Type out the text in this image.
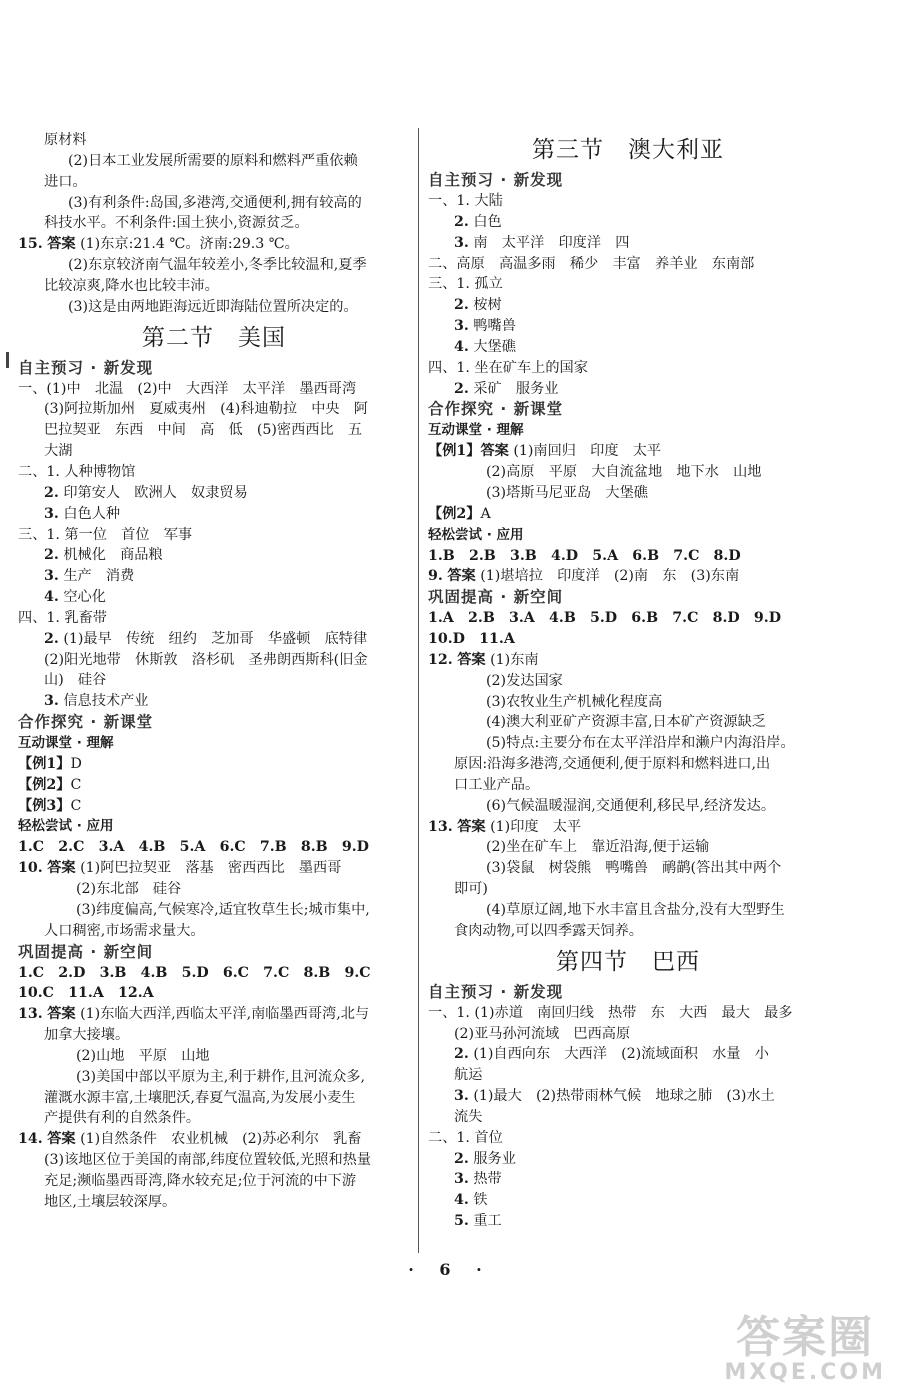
原材料
(2)日本工业发展所需要的原料和燃料严重依赖
进口。
(3)有利条件:岛国,多港湾,交通便利,拥有较高的
科技水平。不利条件:国土狭小,资源贫乏。
15. 答案 (1)东京:21.4 ℃。济南:29.3 ℃。
(2)东京较济南气温年较差小,冬季比较温和,夏季
比较凉爽,降水也比较丰沛。
(3)这是由两地距海远近即海陆位置所决定的。
第二节　美国
自主预习 · 新发现
一、(1)中　北温　(2)中　大西洋　太平洋　墨西哥湾
(3)阿拉斯加州　夏威夷州　(4)科迪勒拉　中央　阿
巴拉契亚　东西　中间　高　低　(5)密西西比　五
大湖
二、1. 人种博物馆
2. 印第安人　欧洲人　奴隶贸易
3. 白色人种
三、1. 第一位　首位　军事
2. 机械化　商品粮
3. 生产　消费
4. 空心化
四、1. 乳畜带
2. (1)最早　传统　纽约　芝加哥　华盛顿　底特律
(2)阳光地带　休斯敦　洛杉矶　圣弗朗西斯科(旧金
山)　硅谷
3. 信息技术产业
合作探究 · 新课堂
互动课堂 · 理解
【例1】D
【例2】C
【例3】C
轻松尝试 · 应用
1.C　2.C　3.A　4.B　5.A　6.C　7.B　8.B　9.D
10. 答案 (1)阿巴拉契亚　落基　密西西比　墨西哥
(2)东北部　硅谷
(3)纬度偏高,气候寒冷,适宜牧草生长;城市集中,
人口稠密,市场需求量大。
巩固提高 · 新空间
1.C　2.D　3.B　4.B　5.D　6.C　7.C　8.B　9.C
10.C　11.A　12.A
13. 答案 (1)东临大西洋,西临太平洋,南临墨西哥湾,北与
加拿大接壤。
(2)山地　平原　山地
(3)美国中部以平原为主,利于耕作,且河流众多,
灌溉水源丰富,土壤肥沃,春夏气温高,为发展小麦生
产提供有利的自然条件。
14. 答案 (1)自然条件　农业机械　(2)苏必利尔　乳畜
(3)该地区位于美国的南部,纬度位置较低,光照和热量
充足;濒临墨西哥湾,降水较充足;位于河流的中下游
地区,土壤层较深厚。
第三节　澳大利亚
自主预习 · 新发现
一、1. 大陆
2. 白色
3. 南　太平洋　印度洋　四
二、高原　高温多雨　稀少　丰富　养羊业　东南部
三、1. 孤立
2. 桉树
3. 鸭嘴兽
4. 大堡礁
四、1. 坐在矿车上的国家
2. 采矿　服务业
合作探究 · 新课堂
互动课堂 · 理解
【例1】答案 (1)南回归　印度　太平
(2)高原　平原　大自流盆地　地下水　山地
(3)塔斯马尼亚岛　大堡礁
【例2】A
轻松尝试 · 应用
1.B　2.B　3.B　4.D　5.A　6.B　7.C　8.D
9. 答案 (1)堪培拉　印度洋　(2)南　东　(3)东南
巩固提高 · 新空间
1.A　2.B　3.A　4.B　5.D　6.B　7.C　8.D　9.D
10.D　11.A
12. 答案 (1)东南
(2)发达国家
(3)农牧业生产机械化程度高
(4)澳大利亚矿产资源丰富,日本矿产资源缺乏
(5)特点:主要分布在太平洋沿岸和濑户内海沿岸。
原因:沿海多港湾,交通便利,便于原料和燃料进口,出
口工业产品。
(6)气候温暖湿润,交通便利,移民早,经济发达。
13. 答案 (1)印度　太平
(2)坐在矿车上　靠近沿海,便于运输
(3)袋鼠　树袋熊　鸭嘴兽　鸸鹋(答出其中两个
即可)
(4)草原辽阔,地下水丰富且含盐分,没有大型野生
食肉动物,可以四季露天饲养。
第四节　巴西
自主预习 · 新发现
一、1. (1)赤道　南回归线　热带　东　大西　最大　最多
(2)亚马孙河流域　巴西高原
2. (1)自西向东　大西洋　(2)流域面积　水量　小
航运
3. (1)最大　(2)热带雨林气候　地球之肺　(3)水土
流失
二、1. 首位
2. 服务业
3. 热带
4. 铁
5. 重工
· 6 ·
答案圈
MXQE.COM
